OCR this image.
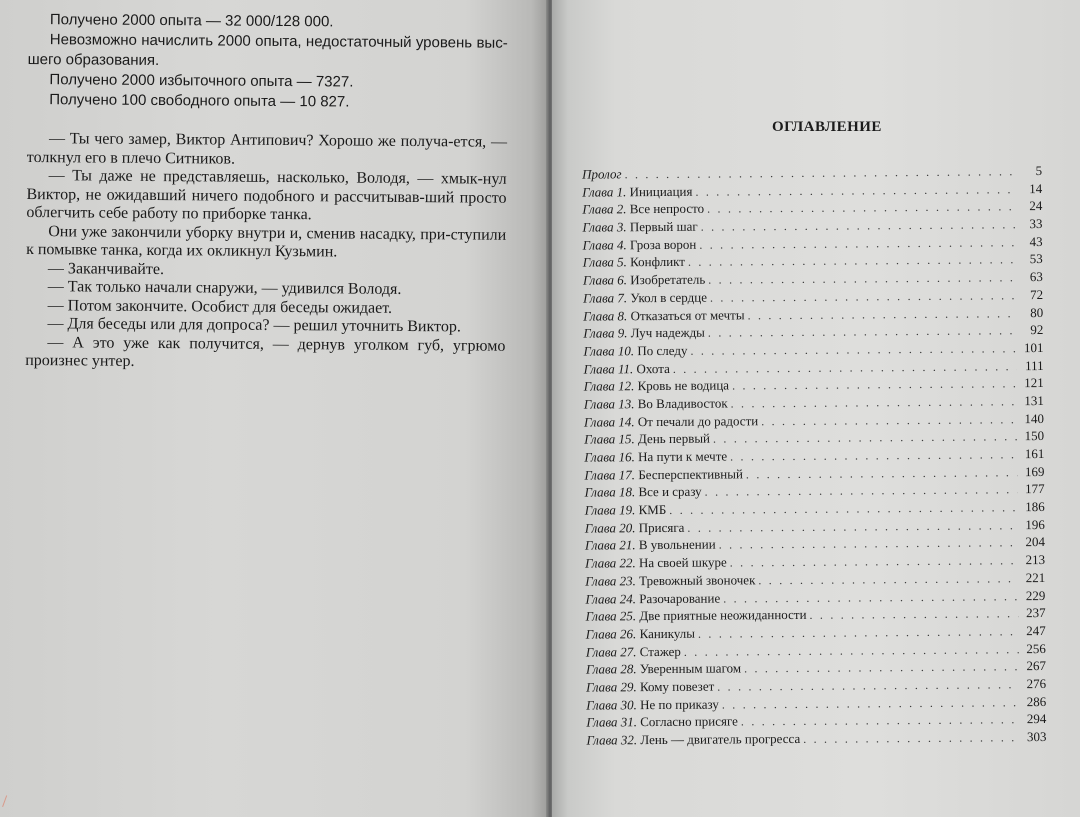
Получено 2000 опыта — 32 000/128 000.

Невозможно начислить 2000 опыта, недостаточный уровень выс-шего образования.

Получено 2000 избыточного опыта — 7327.

Получено 100 свободного опыта — 10 827.

— Ты чего замер, Виктор Антипович? Хорошо же получа-ется, — толкнул его в плечо Ситников.

— Ты даже не представляешь, насколько, Володя, — хмык-нул Виктор, не ожидавший ничего подобного и рассчитывав-ший просто облегчить себе работу по приборке танка.

Они уже закончили уборку внутри и, сменив насадку, при-ступили к помывке танка, когда их окликнул Кузьмин.

— Заканчивайте.

— Так только начали снаружи, — удивился Володя.

— Потом закончите. Особист для беседы ожидает.

— Для беседы или для допроса? — решил уточнить Виктор.

— А это уже как получится, — дернув уголком губ, угрюмо произнес унтер.

ОГЛАВЛЕНИЕ
Пролог . . .	5
Глава 1. Инициация . . .	14
Глава 2. Все непросто . . .	24
Глава 3. Первый шаг . . .	33
Глава 4. Гроза ворон . . .	43
Глава 5. Конфликт . . .	53
Глава 6. Изобретатель . . .	63
Глава 7. Укол в сердце . . .	72
Глава 8. Отказаться от мечты . . .	80
Глава 9. Луч надежды . . .	92
Глава 10. По следу . . .	101
Глава 11. Охота . . .	111
Глава 12. Кровь не водица . . .	121
Глава 13. Во Владивосток . . .	131
Глава 14. От печали до радости . . .	140
Глава 15. День первый . . .	150
Глава 16. На пути к мечте . . .	161
Глава 17. Бесперспективный . . .	169
Глава 18. Все и сразу . . .	177
Глава 19. КМБ . . .	186
Глава 20. Присяга . . .	196
Глава 21. В увольнении . . .	204
Глава 22. На своей шкуре . . .	213
Глава 23. Тревожный звоночек . . .	221
Глава 24. Разочарование . . .	229
Глава 25. Две приятные неожиданности . . .	237
Глава 26. Каникулы . . .	247
Глава 27. Стажер . . .	256
Глава 28. Уверенным шагом . . .	267
Глава 29. Кому повезет . . .	276
Глава 30. Не по приказу . . .	286
Глава 31. Согласно присяге . . .	294
Глава 32. Лень — двигатель прогресса . . .	303
